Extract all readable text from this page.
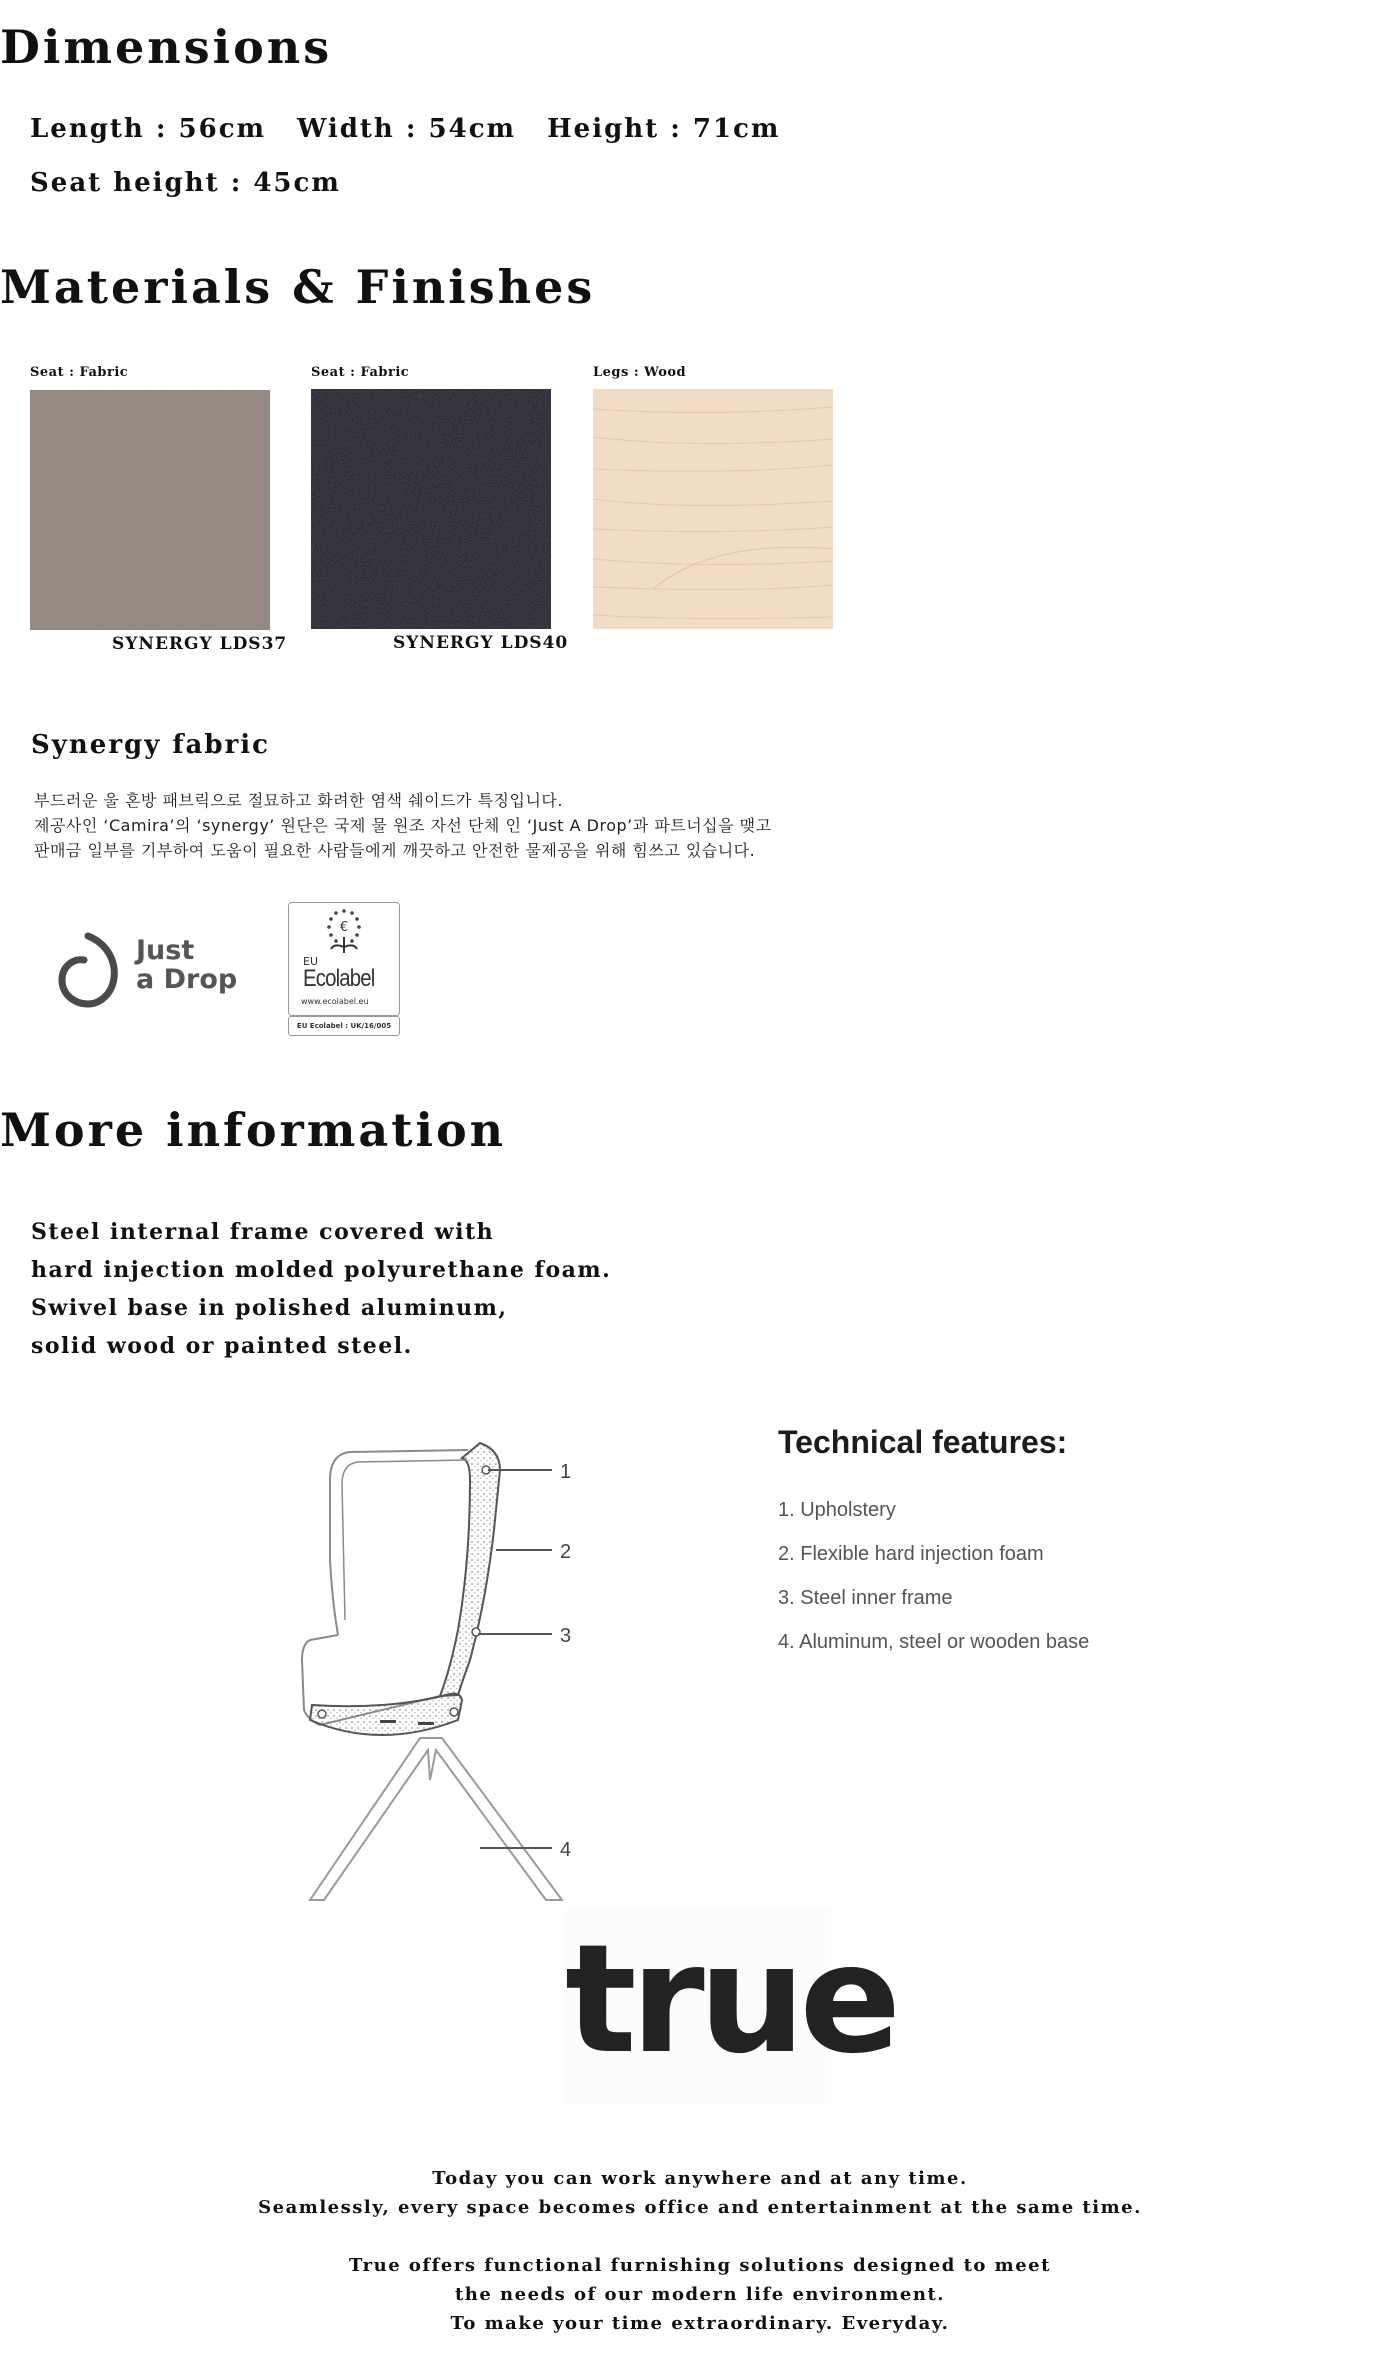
Dimensions
Length : 56cm Width : 54cm Height : 71cm
Seat height : 45cm
Materials & Finishes
Seat : Fabric
SYNERGY LDS37
Seat : Fabric
SYNERGY LDS40
Legs : Wood
Synergy fabric
부드러운 울 혼방 패브릭으로 절묘하고 화려한 염색 쉐이드가 특징입니다.
제공사인 ‘Camira’의 ‘synergy’ 원단은 국제 물 원조 자선 단체 인 ‘Just A Drop’과 파트너십을 맺고
판매금 일부를 기부하여 도움이 필요한 사람들에게 깨끗하고 안전한 물제공을 위해 힘쓰고 있습니다.
Just
a Drop
€
EU
Ecolabel
www.ecolabel.eu
EU Ecolabel : UK/16/005
More information
Steel internal frame covered with
hard injection molded polyurethane foam.
Swivel base in polished aluminum,
solid wood or painted steel.
1
2
3
4
Technical features:
1. Upholstery
2. Flexible hard injection foam
3. Steel inner frame
4. Aluminum, steel or wooden base
true
Today you can work anywhere and at any time.
Seamlessly, every space becomes office and entertainment at the same time.
True offers functional furnishing solutions designed to meet
the needs of our modern life environment.
To make your time extraordinary. Everyday.
